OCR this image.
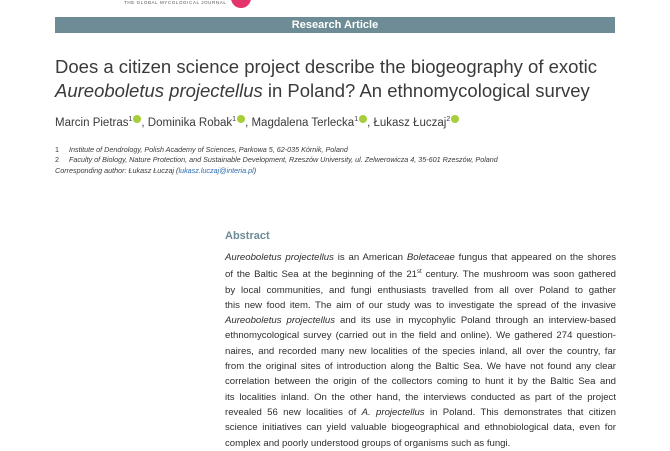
THE GLOBAL MYCOLOGICAL JOURNAL
Research Article
Does a citizen science project describe the biogeography of exotic
Aureoboletus projectellus in Poland? An ethnomycological survey
Marcin Pietras$^1$ , Dominika Robak$^1$ , Magdalena Terlecka$^1$ , Łukasz Łuczaj$^2$
1 Institute of Dendrology, Polish Academy of Sciences, Parkowa 5, 62-035 Kórnik, Poland
2 Faculty of Biology, Nature Protection, and Sustainable Development, Rzeszów University, ul. Zelwerowicza 4, 35-601 Rzeszów, Poland
Corresponding author: Łukasz Łuczaj (lukasz.luczaj@interia.pl)
Abstract
Aureoboletus projectellus is an American Boletaceae fungus that appeared on the shores
of the Baltic Sea at the beginning of the 21st century. The mushroom was soon gathered
by local communities, and fungi enthusiasts travelled from all over Poland to gather
this new food item. The aim of our study was to investigate the spread of the invasive
Aureoboletus projectellus and its use in mycophylic Poland through an interview-based
ethnomycological survey (carried out in the field and online). We gathered 274 question-
naires, and recorded many new localities of the species inland, all over the country, far
from the original sites of introduction along the Baltic Sea. We have not found any clear
correlation between the origin of the collectors coming to hunt it by the Baltic Sea and
its localities inland. On the other hand, the interviews conducted as part of the project
revealed 56 new localities of A. projectellus in Poland. This demonstrates that citizen
science initiatives can yield valuable biogeographical and ethnobiological data, even for
complex and poorly understood groups of organisms such as fungi.
